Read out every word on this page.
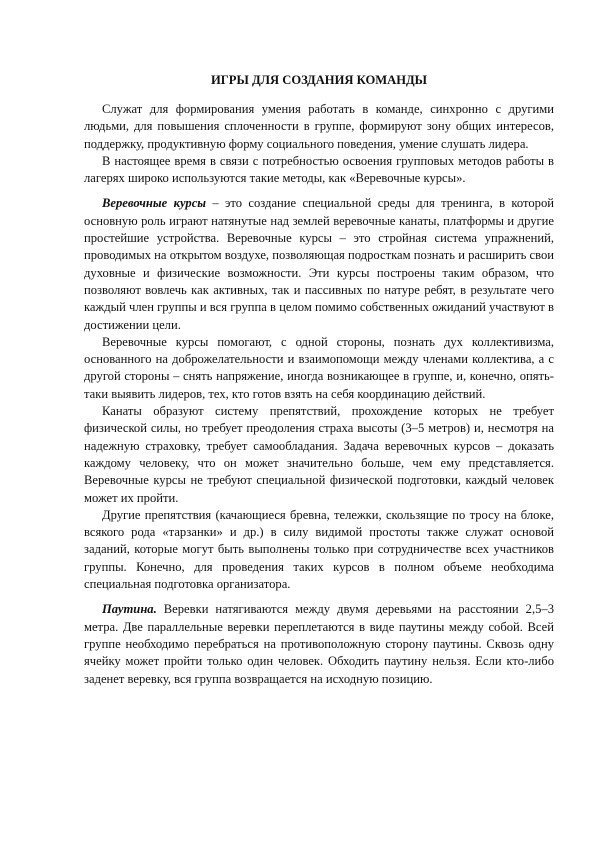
ИГРЫ ДЛЯ СОЗДАНИЯ КОМАНДЫ

Служат для формирования умения работать в команде, синхронно с другими людьми, для повышения сплоченности в группе, формируют зону общих интересов, поддержку, продуктивную форму социального поведения, умение слушать лидера.

В настоящее время в связи с потребностью освоения групповых методов работы в лагерях широко используются такие методы, как «Веревочные курсы».

Веревочные курсы – это создание специальной среды для тренинга, в которой основную роль играют натянутые над землей веревочные канаты, платформы и другие простейшие устройства. Веревочные курсы – это стройная система упражнений, проводимых на открытом воздухе, позволяющая подросткам познать и расширить свои духовные и физические возможности. Эти курсы построены таким образом, что позволяют вовлечь как активных, так и пассивных по натуре ребят, в результате чего каждый член группы и вся группа в целом помимо собственных ожиданий участвуют в достижении цели.

Веревочные курсы помогают, с одной стороны, познать дух коллективизма, основанного на доброжелательности и взаимопомощи между членами коллектива, а с другой стороны – снять напряжение, иногда возникающее в группе, и, конечно, опять-таки выявить лидеров, тех, кто готов взять на себя координацию действий.

Канаты образуют систему препятствий, прохождение которых не требует физической силы, но требует преодоления страха высоты (3–5 метров) и, несмотря на надежную страховку, требует самообладания. Задача веревочных курсов – доказать каждому человеку, что он может значительно больше, чем ему представляется. Веревочные курсы не требуют специальной физической подготовки, каждый человек может их пройти.

Другие препятствия (качающиеся бревна, тележки, скользящие по тросу на блоке, всякого рода «тарзанки» и др.) в силу видимой простоты также служат основой заданий, которые могут быть выполнены только при сотрудничестве всех участников группы. Конечно, для проведения таких курсов в полном объеме необходима специальная подготовка организатора.

Паутина. Веревки натягиваются между двумя деревьями на расстоянии 2,5–3 метра. Две параллельные веревки переплетаются в виде паутины между собой. Всей группе необходимо перебраться на противоположную сторону паутины. Сквозь одну ячейку может пройти только один человек. Обходить паутину нельзя. Если кто-либо заденет веревку, вся группа возвращается на исходную позицию.
